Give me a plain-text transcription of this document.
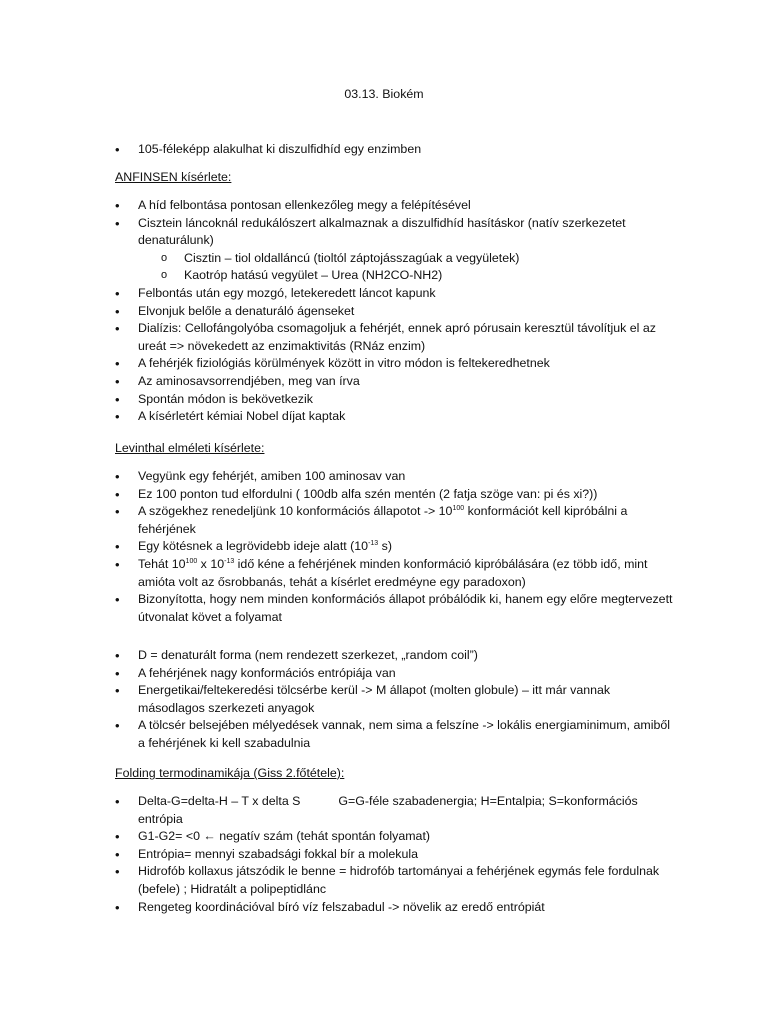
03.13. Biokém
• 105-féleképp alakulhat ki diszulfidhíd egy enzimben
ANFINSEN kísérlete:
• A híd felbontása pontosan ellenkezőleg megy a felépítésével
• Cisztein láncoknál redukálószert alkalmaznak a diszulfidhíd hasításkor (natív szerkezetet denaturálunk)
o Cisztin – tiol oldalláncú (tioltól záptojásszagúak a vegyületek)
o Kaotróp hatású vegyület – Urea (NH2CO-NH2)
• Felbontás után egy mozgó, letekeredett láncot kapunk
• Elvonjuk belőle a denaturáló ágenseket
• Dialízis: Cellofángolyóba csomagoljuk a fehérjét, ennek apró pórusain keresztül távolítjuk el az ureát => növekedett az enzimaktivitás (RNáz enzim)
• A fehérjék fiziológiás körülmények között in vitro módon is feltekeredhetnek
• Az aminosavsorrendjében, meg van írva
• Spontán módon is bekövetkezik
• A kísérletért kémiai Nobel díjat kaptak
Levinthal elméleti kísérlete:
• Vegyünk egy fehérjét, amiben 100 aminosav van
• Ez 100 ponton tud elfordulni ( 100db alfa szén mentén (2 fatja szöge van: pi és xi?))
• A szögekhez renedeljünk 10 konformációs állapotot -> $10^{100}$ konformációt kell kipróbálni a fehérjének
• Egy kötésnek a legrövidebb ideje alatt ($10^{-13}$ s)
• Tehát $10^{100}$ x $10^{-13}$ idő kéne a fehérjének minden konformáció kipróbálására (ez több idő, mint amióta volt az ősrobbanás, tehát a kísérlet eredméyne egy paradoxon)
• Bizonyította, hogy nem minden konformációs állapot próbálódik ki, hanem egy előre megtervezett útvonalat követ a folyamat
• D = denaturált forma (nem rendezett szerkezet, „random coil”)
• A fehérjének nagy konformációs entrópiája van
• Energetikai/feltekeredési tölcsérbe kerül -> M állapot (molten globule) – itt már vannak másodlagos szerkezeti anyagok
• A tölcsér belsejében mélyedések vannak, nem sima a felszíne -> lokális energiaminimum, amiből a fehérjének ki kell szabadulnia
Folding termodinamikája (Giss 2.főtétele):
• Delta-G=delta-H – T x delta S	G=G-féle szabadenergia; H=Entalpia; S=konformációs entrópia
• G1-G2= <0 ← negatív szám (tehát spontán folyamat)
• Entrópia= mennyi szabadsági fokkal bír a molekula
• Hidrofób kollaxus játszódik le benne = hidrofób tartományai a fehérjének egymás fele fordulnak (befele) ; Hidratált a polipeptidlánc
• Rengeteg koordinációval bíró víz felszabadul -> növelik az eredő entrópiát
